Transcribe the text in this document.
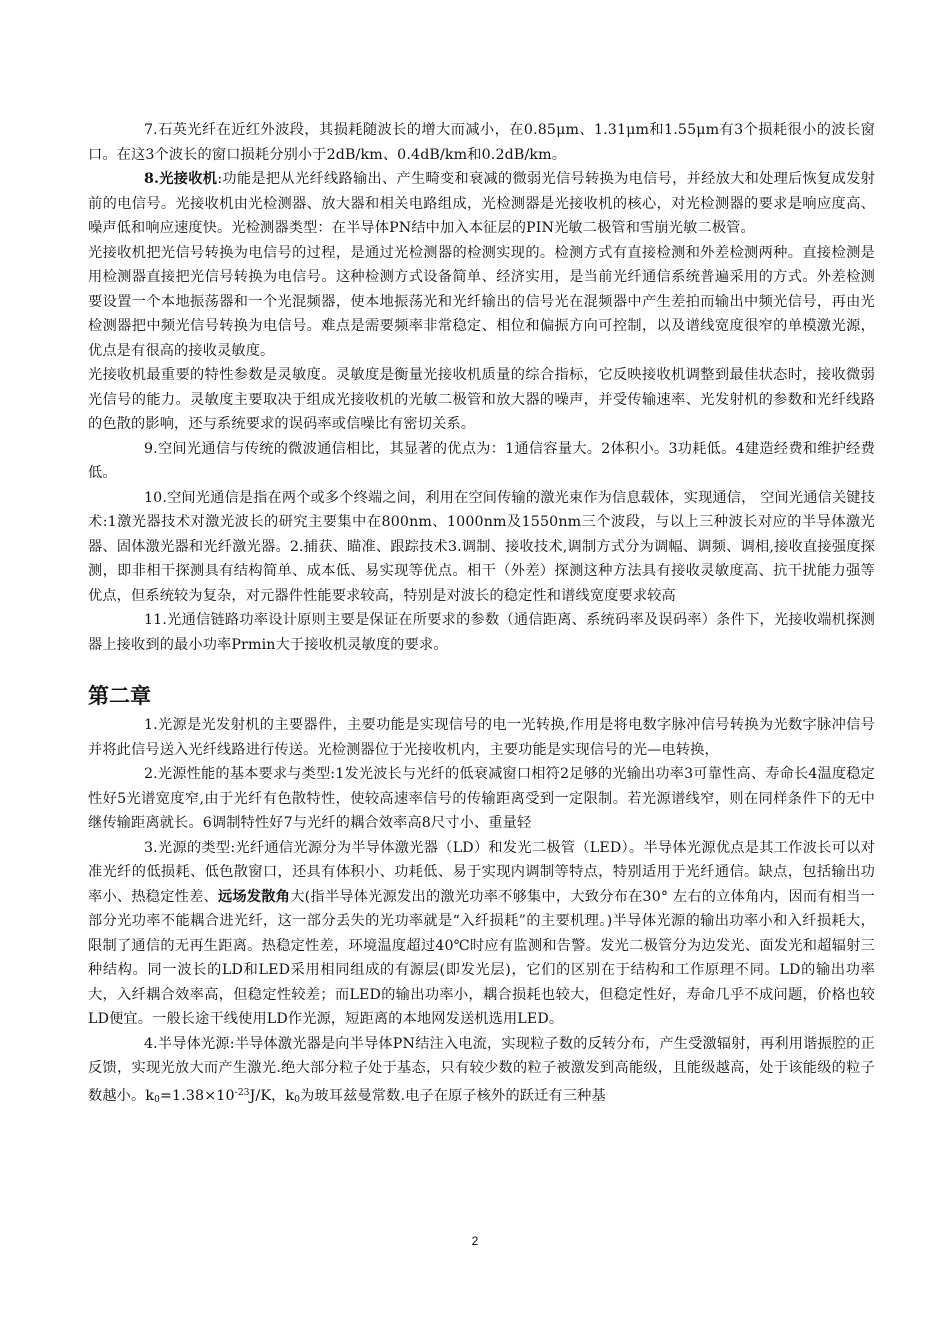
7.石英光纤在近红外波段，其损耗随波长的增大而减小，在0.85μm、1.31μm和1.55μm有3个损耗很小的波长窗口。在这3个波长的窗口损耗分别小于2dB/km、0.4dB/km和0.2dB/km。

8.光接收机:功能是把从光纤线路输出、产生畸变和衰减的微弱光信号转换为电信号，并经放大和处理后恢复成发射前的电信号。光接收机由光检测器、放大器和相关电路组成，光检测器是光接收机的核心，对光检测器的要求是响应度高、噪声低和响应速度快。光检测器类型：在半导体PN结中加入本征层的PIN光敏二极管和雪崩光敏二极管。

光接收机把光信号转换为电信号的过程，是通过光检测器的检测实现的。检测方式有直接检测和外差检测两种。直接检测是用检测器直接把光信号转换为电信号。这种检测方式设备简单、经济实用，是当前光纤通信系统普遍采用的方式。外差检测要设置一个本地振荡器和一个光混频器，使本地振荡光和光纤输出的信号光在混频器中产生差拍而输出中频光信号，再由光检测器把中频光信号转换为电信号。难点是需要频率非常稳定、相位和偏振方向可控制，以及谱线宽度很窄的单模激光源，优点是有很高的接收灵敏度。

光接收机最重要的特性参数是灵敏度。灵敏度是衡量光接收机质量的综合指标，它反映接收机调整到最佳状态时，接收微弱光信号的能力。灵敏度主要取决于组成光接收机的光敏二极管和放大器的噪声，并受传输速率、光发射机的参数和光纤线路的色散的影响，还与系统要求的误码率或信噪比有密切关系。

9.空间光通信与传统的微波通信相比，其显著的优点为：1通信容量大。2体积小。3功耗低。4建造经费和维护经费低。

10.空间光通信是指在两个或多个终端之间，利用在空间传输的激光束作为信息载体，实现通信， 空间光通信关键技术:1激光器技术对激光波长的研究主要集中在800nm、1000nm及1550nm三个波段，与以上三种波长对应的半导体激光器、固体激光器和光纤激光器。2.捕获、瞄准、跟踪技术3.调制、接收技术,调制方式分为调幅、调频、调相,接收直接强度探测，即非相干探测具有结构简单、成本低、易实现等优点。相干（外差）探测这种方法具有接收灵敏度高、抗干扰能力强等优点，但系统较为复杂，对元器件性能要求较高，特别是对波长的稳定性和谱线宽度要求较高

11.光通信链路功率设计原则主要是保证在所要求的参数（通信距离、系统码率及误码率）条件下，光接收端机探测器上接收到的最小功率Prmin大于接收机灵敏度的要求。

第二章

1.光源是光发射机的主要器件，主要功能是实现信号的电一光转换,作用是将电数字脉冲信号转换为光数字脉冲信号并将此信号送入光纤线路进行传送。光检测器位于光接收机内，主要功能是实现信号的光—电转换，

2.光源性能的基本要求与类型:1发光波长与光纤的低衰减窗口相符2足够的光输出功率3可靠性高、寿命长4温度稳定性好5光谱宽度窄,由于光纤有色散特性，使较高速率信号的传输距离受到一定限制。若光源谱线窄，则在同样条件下的无中继传输距离就长。6调制特性好7与光纤的耦合效率高8尺寸小、重量轻

3.光源的类型:光纤通信光源分为半导体激光器（LD）和发光二极管（LED）。半导体光源优点是其工作波长可以对准光纤的低损耗、低色散窗口，还具有体积小、功耗低、易于实现内调制等特点，特别适用于光纤通信。缺点，包括输出功率小、热稳定性差、远场发散角大(指半导体光源发出的激光功率不够集中，大致分布在30° 左右的立体角内，因而有相当一部分光功率不能耦合进光纤，这一部分丢失的光功率就是“入纤损耗”的主要机理。)半导体光源的输出功率小和入纤损耗大，限制了通信的无再生距离。热稳定性差，环境温度超过40℃时应有监测和告警。发光二极管分为边发光、面发光和超辐射三种结构。同一波长的LD和LED采用相同组成的有源层(即发光层)，它们的区别在于结构和工作原理不同。LD的输出功率大，入纤耦合效率高，但稳定性较差；而LED的输出功率小，耦合损耗也较大，但稳定性好，寿命几乎不成问题，价格也较LD便宜。一般长途干线使用LD作光源，短距离的本地网发送机选用LED。

4.半导体光源:半导体激光器是向半导体PN结注入电流，实现粒子数的反转分布，产生受激辐射，再利用谐振腔的正反馈，实现光放大而产生激光.绝大部分粒子处于基态，只有较少数的粒子被激发到高能级，且能级越高，处于该能级的粒子数越小。$k_0=1.38\times 10^{-23}J/K$，$k_0$为玻耳兹曼常数.电子在原子核外的跃迁有三种基

2
